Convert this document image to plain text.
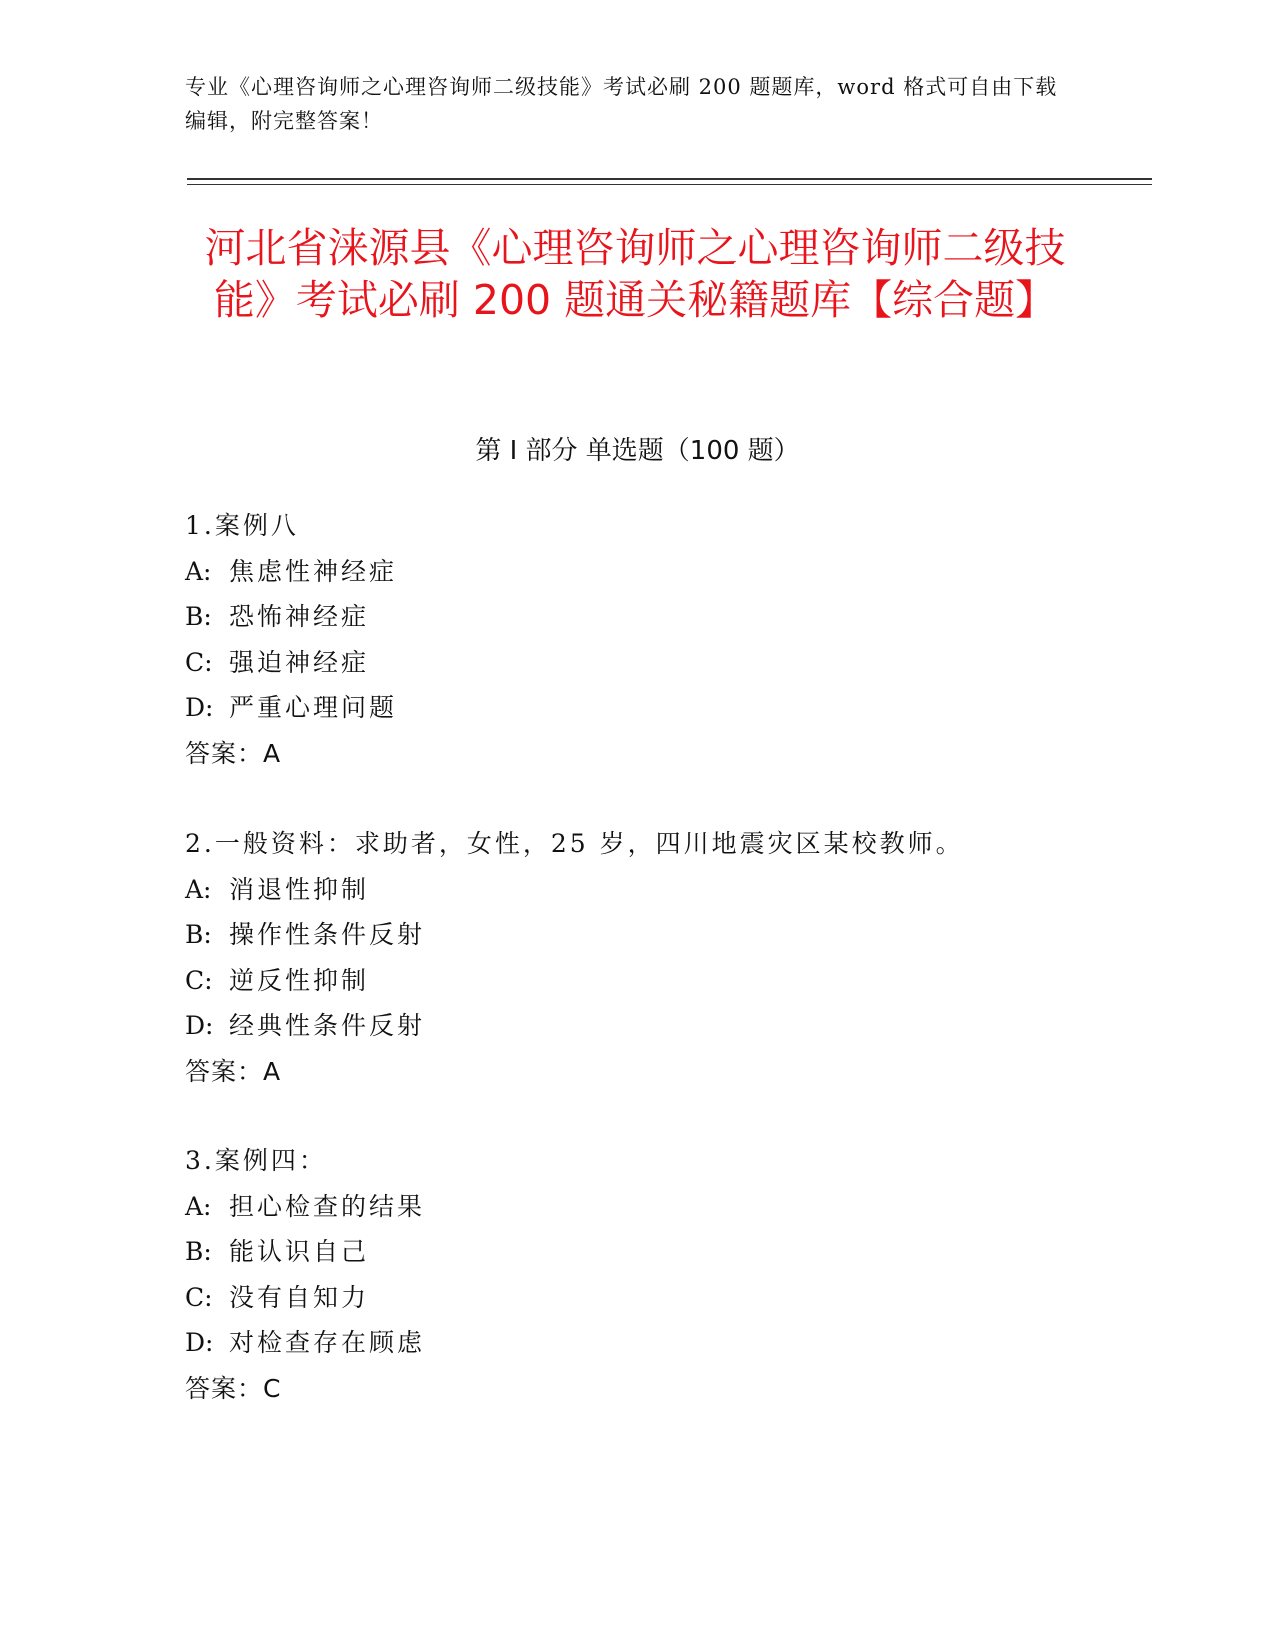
专业《心理咨询师之心理咨询师二级技能》考试必刷 200 题题库，word 格式可自由下载编辑，附完整答案！

河北省涞源县《心理咨询师之心理咨询师二级技能》考试必刷 200 题通关秘籍题库【综合题】
第 I 部分 单选题（100 题）
1.案例八
A: 焦虑性神经症
B: 恐怖神经症
C: 强迫神经症
D: 严重心理问题
答案：A
2.一般资料：求助者，女性，25 岁，四川地震灾区某校教师。
A: 消退性抑制
B: 操作性条件反射
C: 逆反性抑制
D: 经典性条件反射
答案：A
3.案例四：
A: 担心检查的结果
B: 能认识自己
C: 没有自知力
D: 对检查存在顾虑
答案：C
